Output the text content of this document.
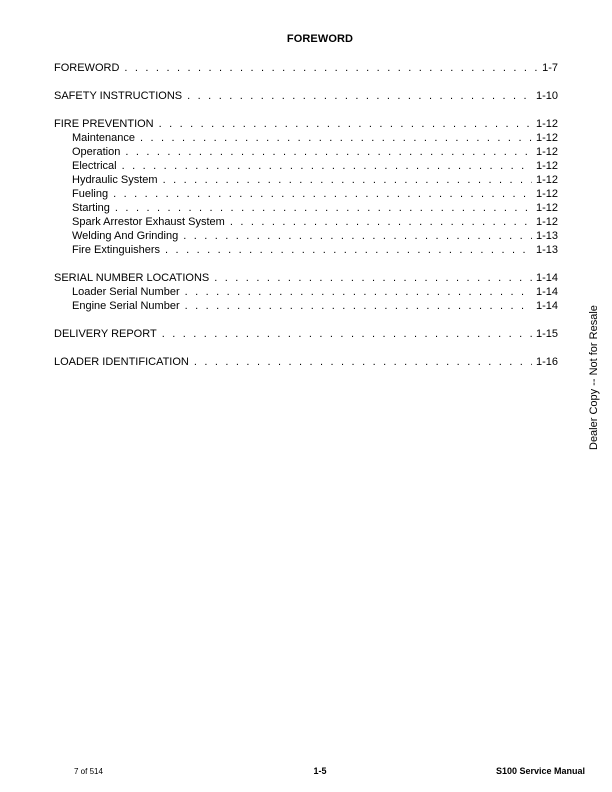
FOREWORD
FOREWORD . . .	1-7
SAFETY INSTRUCTIONS . . .	1-10
FIRE PREVENTION . . .	1-12
Maintenance . . .	1-12
Operation . . .	1-12
Electrical . . .	1-12
Hydraulic System . . .	1-12
Fueling . . .	1-12
Starting . . .	1-12
Spark Arrestor Exhaust System . . .	1-12
Welding And Grinding . . .	1-13
Fire Extinguishers . . .	1-13
SERIAL NUMBER LOCATIONS . . .	1-14
Loader Serial Number . . .	1-14
Engine Serial Number . . .	1-14
DELIVERY REPORT . . .	1-15
LOADER IDENTIFICATION . . .	1-16	Dealer Copy -- Not for Resale
7 of 514	1-5	S100 Service Manual
